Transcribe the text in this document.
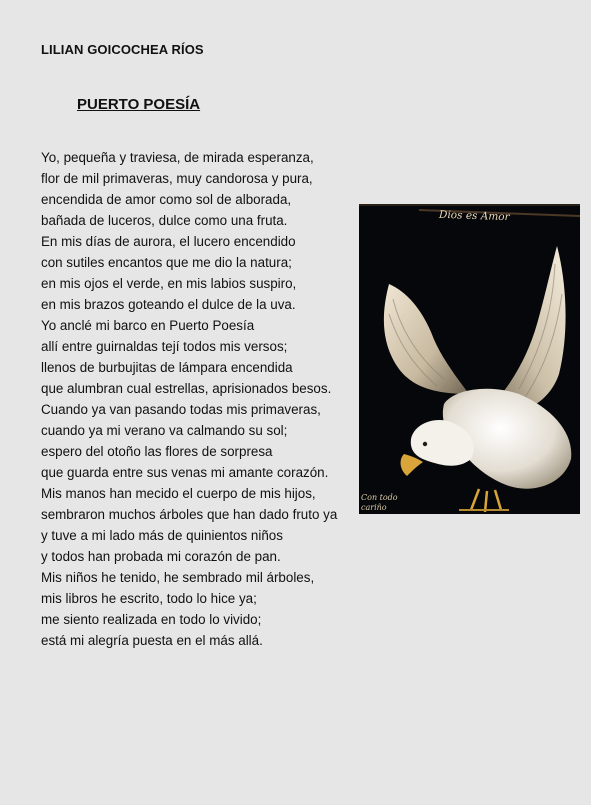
LILIAN GOICOCHEA RÍOS
PUERTO POESÍA
Yo, pequeña y traviesa, de mirada esperanza,
flor de mil primaveras, muy candorosa y pura,
encendida de amor como sol de alborada,
bañada de luceros, dulce como una fruta.
En mis días de aurora, el lucero encendido
con sutiles encantos que me dio la natura;
en mis ojos el verde, en mis labios suspiro,
en mis brazos goteando el dulce de la uva.
Yo anclé mi barco en Puerto Poesía
allí entre guirnaldas tejí todos mis versos;
llenos de burbujitas de lámpara encendida
que alumbran cual estrellas, aprisionados besos.
Cuando ya van pasando todas mis primaveras,
cuando ya mi verano va calmando su sol;
espero del otoño las flores de sorpresa
que guarda entre sus venas mi amante corazón.
Mis manos han mecido el cuerpo de mis hijos,
sembraron muchos árboles que han dado fruto ya
y tuve a mi lado más de quinientos niños
y todos han probada mi corazón de pan.
Mis niños he tenido, he sembrado mil árboles,
mis libros he escrito, todo lo hice ya;
me siento realizada en todo lo vivido;
está mi alegría puesta en el más allá.
Dios es Amor
Con todo cariño
